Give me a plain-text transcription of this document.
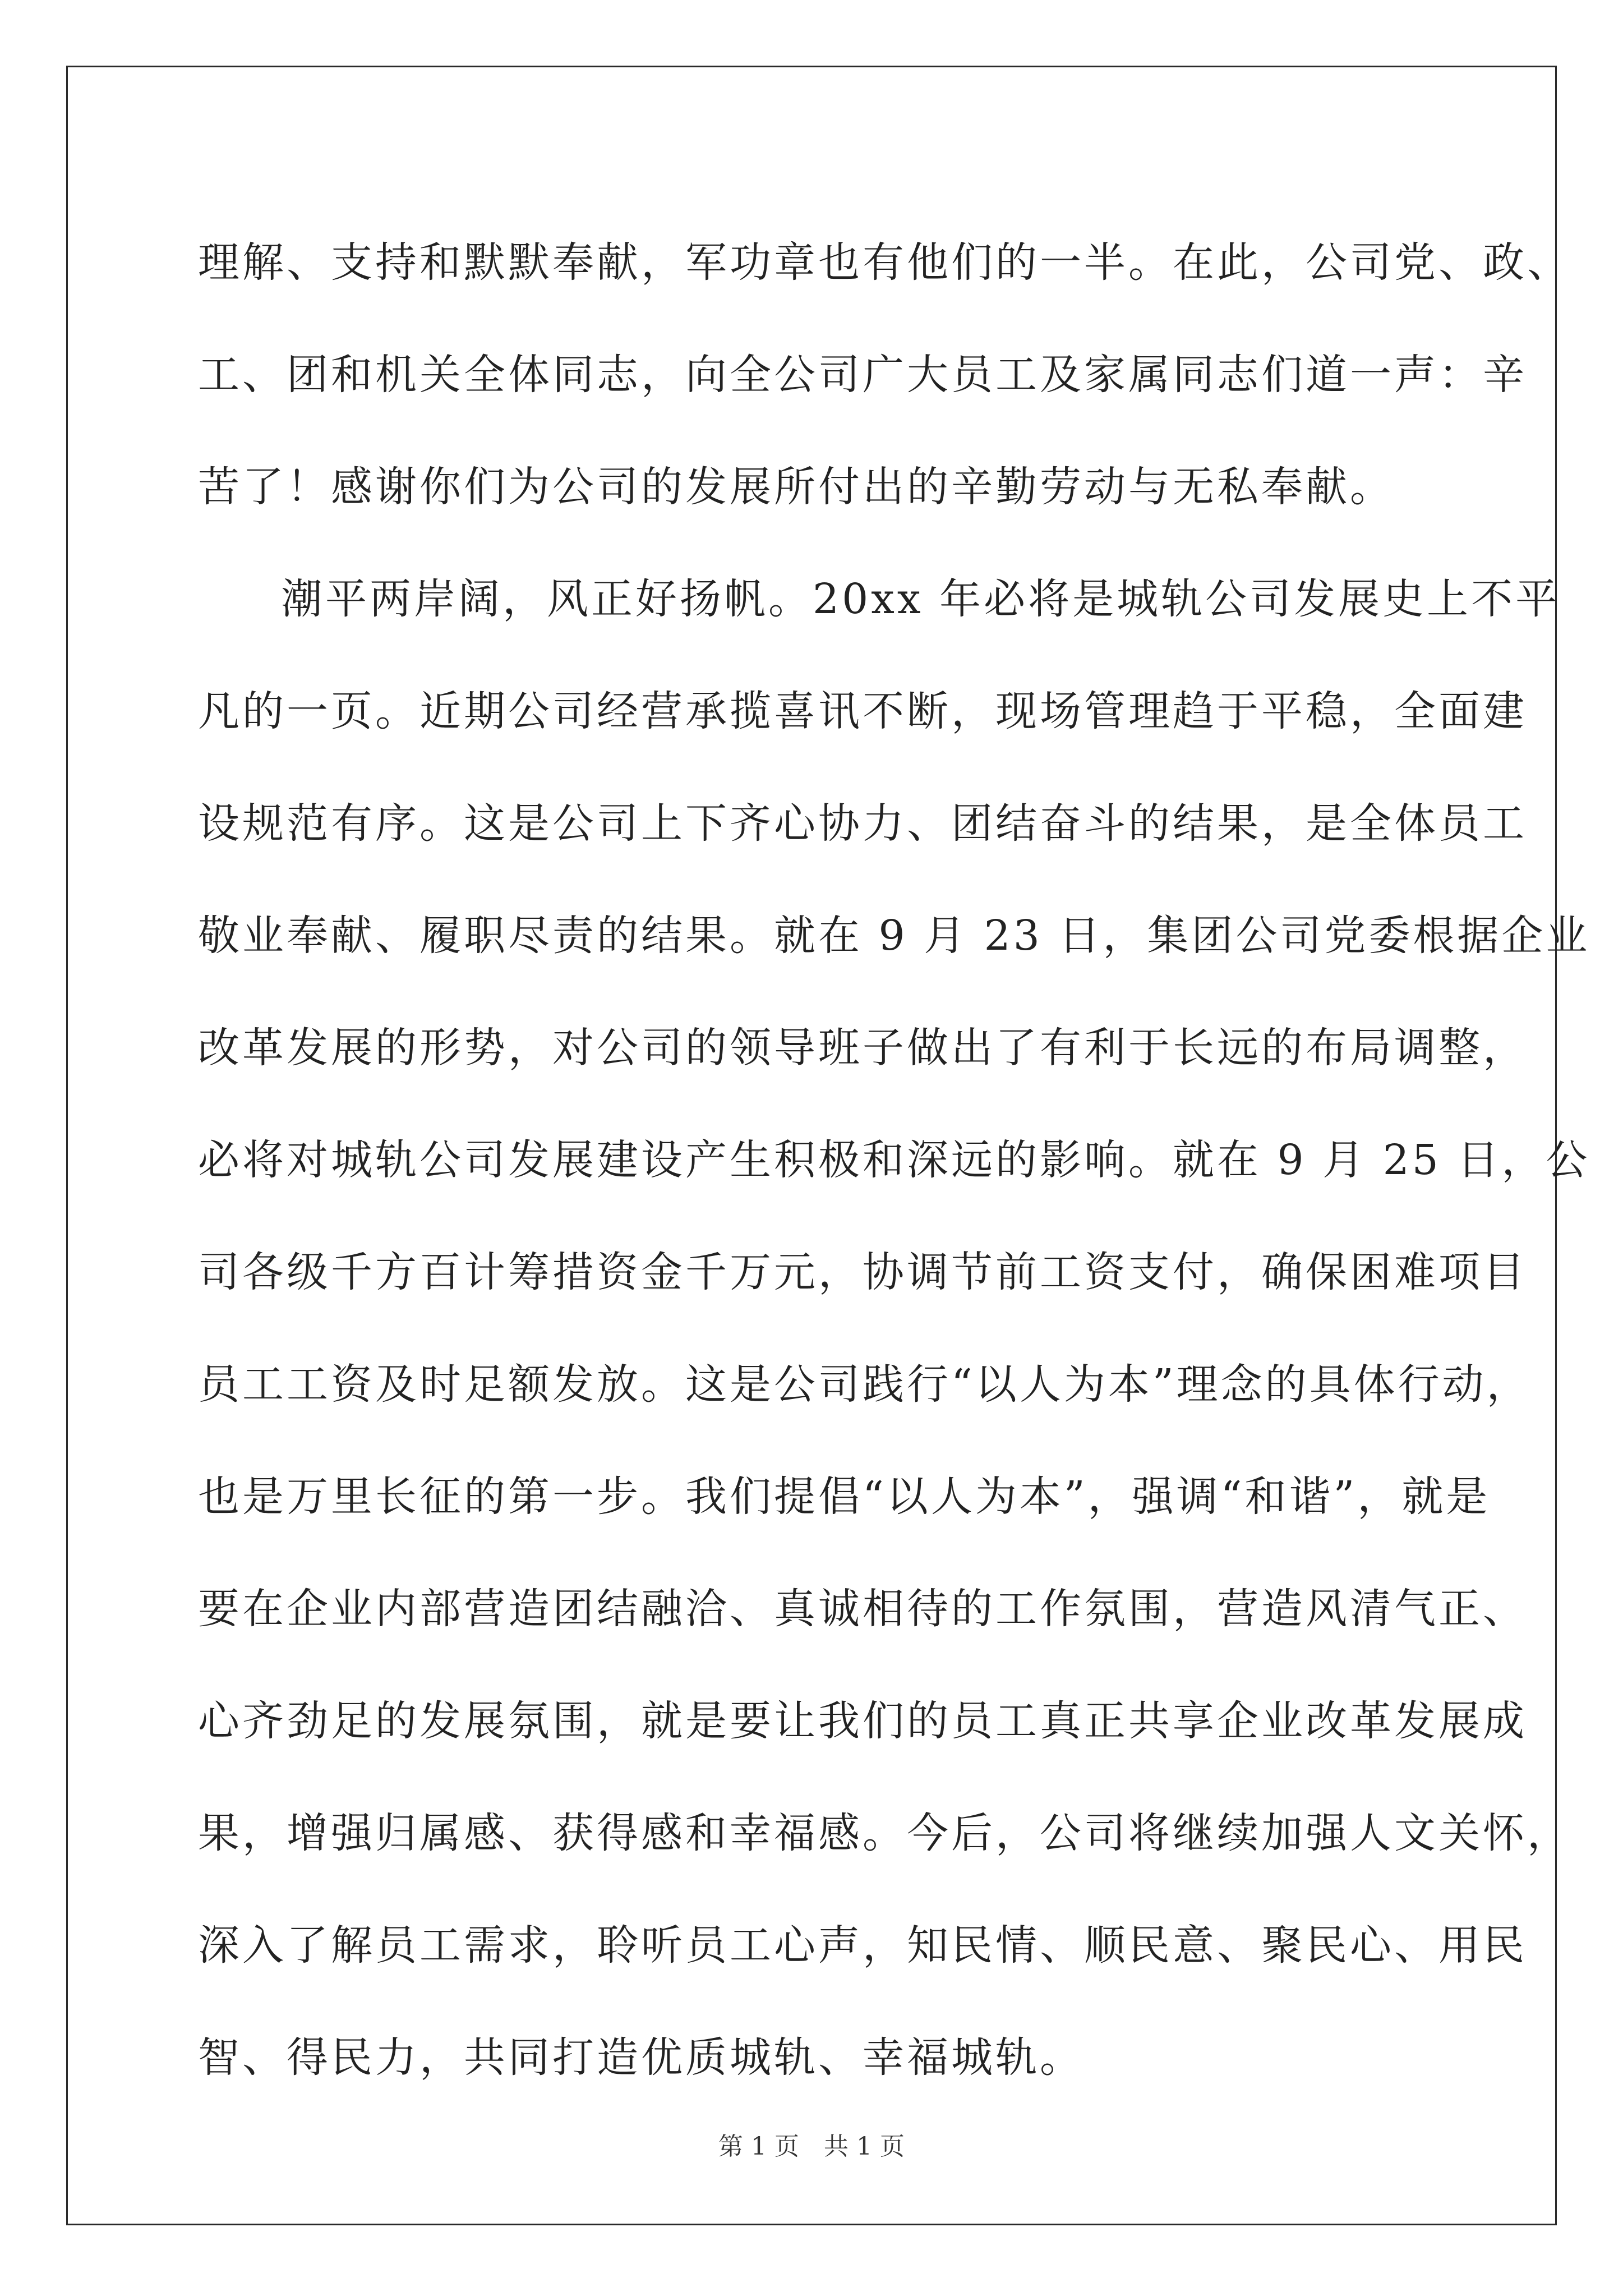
理解、支持和默默奉献，军功章也有他们的一半。在此，公司党、政、
工、团和机关全体同志，向全公司广大员工及家属同志们道一声：辛
苦了！感谢你们为公司的发展所付出的辛勤劳动与无私奉献。
潮平两岸阔，风正好扬帆。20xx 年必将是城轨公司发展史上不平
凡的一页。近期公司经营承揽喜讯不断，现场管理趋于平稳，全面建
设规范有序。这是公司上下齐心协力、团结奋斗的结果，是全体员工
敬业奉献、履职尽责的结果。就在 9 月 23 日，集团公司党委根据企业
改革发展的形势，对公司的领导班子做出了有利于长远的布局调整，
必将对城轨公司发展建设产生积极和深远的影响。就在 9 月 25 日，公
司各级千方百计筹措资金千万元，协调节前工资支付，确保困难项目
员工工资及时足额发放。这是公司践行“以人为本”理念的具体行动，
也是万里长征的第一步。我们提倡“以人为本”，强调“和谐”，就是
要在企业内部营造团结融洽、真诚相待的工作氛围，营造风清气正、
心齐劲足的发展氛围，就是要让我们的员工真正共享企业改革发展成
果，增强归属感、获得感和幸福感。今后，公司将继续加强人文关怀，
深入了解员工需求，聆听员工心声，知民情、顺民意、聚民心、用民
智、得民力，共同打造优质城轨、幸福城轨。
第 1 页　共 1 页
